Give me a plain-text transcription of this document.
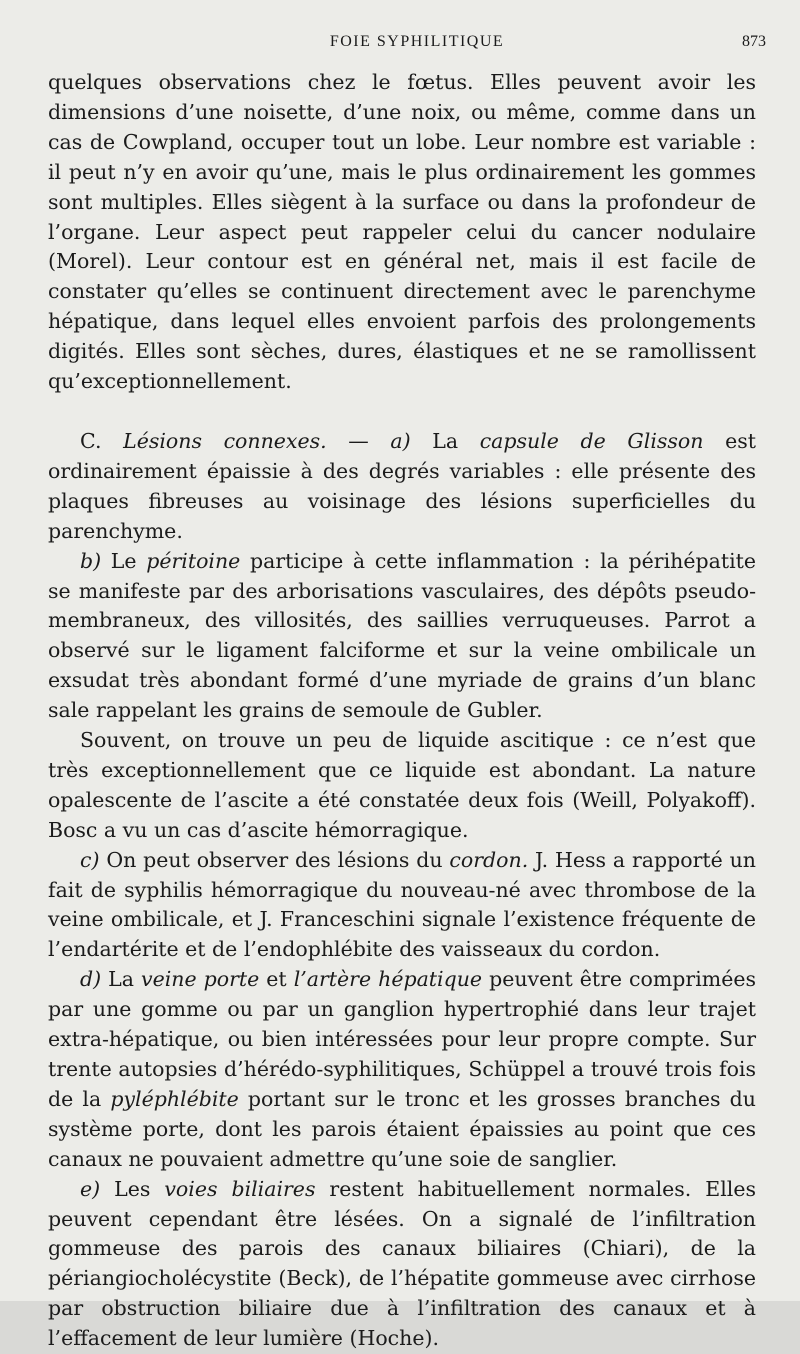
FOIE SYPHILITIQUE	873

quelques observations chez le fœtus. Elles peuvent avoir les dimensions d’une noisette, d’une noix, ou même, comme dans un cas de Cowpland, occuper tout un lobe. Leur nombre est variable : il peut n’y en avoir qu’une, mais le plus ordinairement les gommes sont multiples. Elles siègent à la surface ou dans la profondeur de l’organe. Leur aspect peut rappeler celui du cancer nodulaire (Morel). Leur contour est en général net, mais il est facile de constater qu’elles se continuent directement avec le parenchyme hépatique, dans lequel elles envoient parfois des prolongements digités. Elles sont sèches, dures, élastiques et ne se ramollissent qu’exceptionnellement.

C. Lésions connexes. — a) La capsule de Glisson est ordinairement épaissie à des degrés variables : elle présente des plaques fibreuses au voisinage des lésions superficielles du parenchyme.

b) Le péritoine participe à cette inflammation : la périhépatite se manifeste par des arborisations vasculaires, des dépôts pseudo-membraneux, des villosités, des saillies verruqueuses. Parrot a observé sur le ligament falciforme et sur la veine ombilicale un exsudat très abondant formé d’une myriade de grains d’un blanc sale rappelant les grains de semoule de Gubler.

Souvent, on trouve un peu de liquide ascitique : ce n’est que très exceptionnellement que ce liquide est abondant. La nature opalescente de l’ascite a été constatée deux fois (Weill, Polyakoff). Bosc a vu un cas d’ascite hémorragique.

c) On peut observer des lésions du cordon. J. Hess a rapporté un fait de syphilis hémorragique du nouveau-né avec thrombose de la veine ombilicale, et J. Franceschini signale l’existence fréquente de l’endartérite et de l’endophlébite des vaisseaux du cordon.

d) La veine porte et l’artère hépatique peuvent être comprimées par une gomme ou par un ganglion hypertrophié dans leur trajet extra-hépatique, ou bien intéressées pour leur propre compte. Sur trente autopsies d’hérédo-syphilitiques, Schüppel a trouvé trois fois de la pyléphlébite portant sur le tronc et les grosses branches du système porte, dont les parois étaient épaissies au point que ces canaux ne pouvaient admettre qu’une soie de sanglier.

e) Les voies biliaires restent habituellement normales. Elles peuvent cependant être lésées. On a signalé de l’infiltration gommeuse des parois des canaux biliaires (Chiari), de la périangiocholécystite (Beck), de l’hépatite gommeuse avec cirrhose par obstruction biliaire due à l’infiltration des canaux et à l’effacement de leur lumière (Hoche).
